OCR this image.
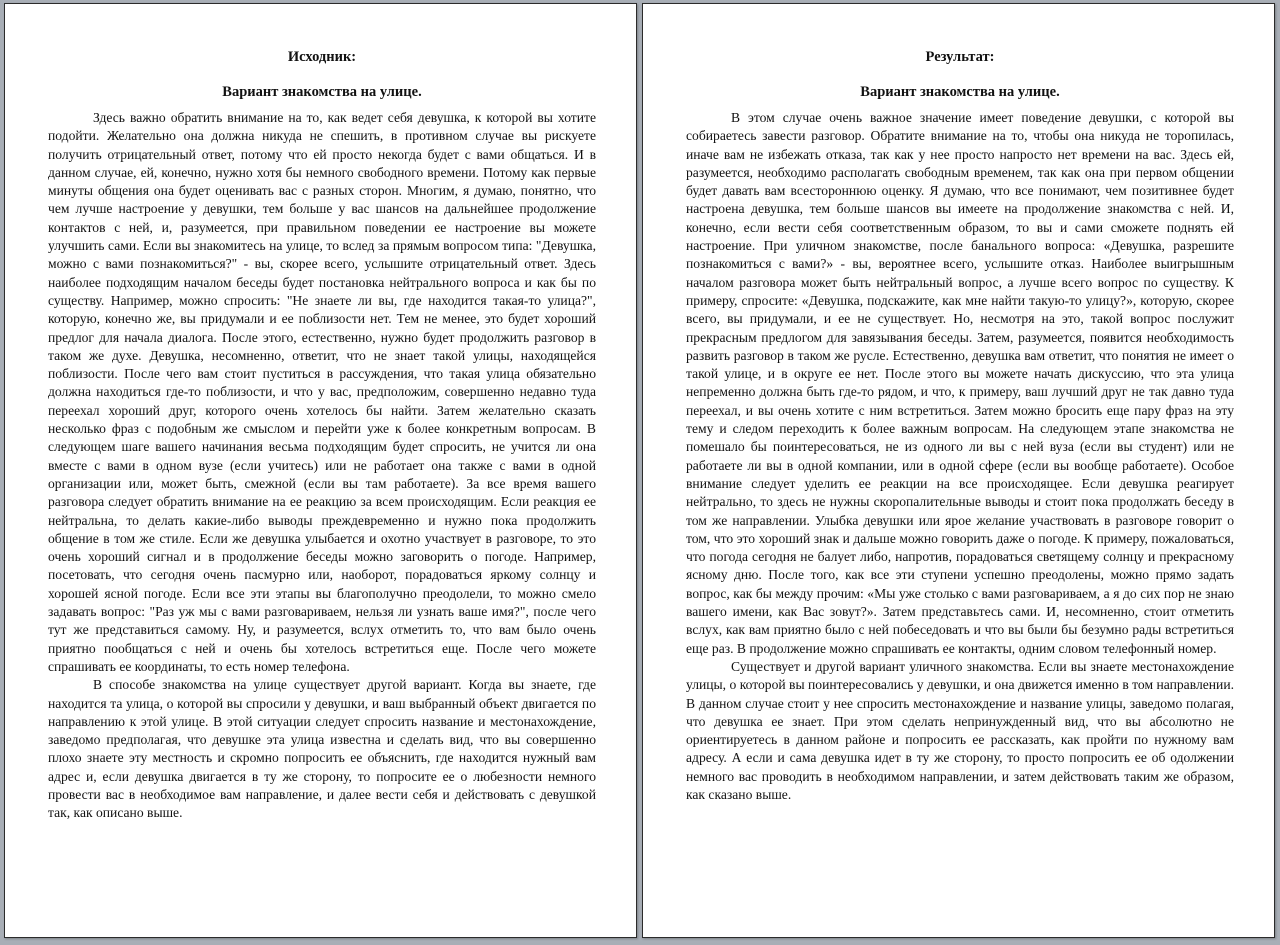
Исходник:

Вариант знакомства на улице.

Здесь важно обратить внимание на то, как ведет себя девушка, к которой вы хотите подойти. Желательно она должна никуда не спешить, в противном случае вы рискуете получить отрицательный ответ, потому что ей просто некогда будет с вами общаться. И в данном случае, ей, конечно, нужно хотя бы немного свободного времени. Потому как первые минуты общения она будет оценивать вас с разных сторон. Многим, я думаю, понятно, что чем лучше настроение у девушки, тем больше у вас шансов на дальнейшее продолжение контактов с ней, и, разумеется, при правильном поведении ее настроение вы можете улучшить сами. Если вы знакомитесь на улице, то вслед за прямым вопросом типа: "Девушка, можно с вами познакомиться?" - вы, скорее всего, услышите отрицательный ответ. Здесь наиболее подходящим началом беседы будет постановка нейтрального вопроса и как бы по существу. Например, можно спросить: "Не знаете ли вы, где находится такая-то улица?", которую, конечно же, вы придумали и ее поблизости нет. Тем не менее, это будет хороший предлог для начала диалога. После этого, естественно, нужно будет продолжить разговор в таком же духе. Девушка, несомненно, ответит, что не знает такой улицы, находящейся поблизости. После чего вам стоит пуститься в рассуждения, что такая улица обязательно должна находиться где-то поблизости, и что у вас, предположим, совершенно недавно туда переехал хороший друг, которого очень хотелось бы найти. Затем желательно сказать несколько фраз с подобным же смыслом и перейти уже к более конкретным вопросам. В следующем шаге вашего начинания весьма подходящим будет спросить, не учится ли она вместе с вами в одном вузе (если учитесь) или не работает она также с вами в одной организации или, может быть, смежной (если вы там работаете). За все время вашего разговора следует обратить внимание на ее реакцию за всем происходящим. Если реакция ее нейтральна, то делать какие-либо выводы преждевременно и нужно пока продолжить общение в том же стиле. Если же девушка улыбается и охотно участвует в разговоре, то это очень хороший сигнал и в продолжение беседы можно заговорить о погоде. Например, посетовать, что сегодня очень пасмурно или, наоборот, порадоваться яркому солнцу и хорошей ясной погоде. Если все эти этапы вы благополучно преодолели, то можно смело задавать вопрос: "Раз уж мы с вами разговариваем, нельзя ли узнать ваше имя?", после чего тут же представиться самому. Ну, и разумеется, вслух отметить то, что вам было очень приятно пообщаться с ней и очень бы хотелось встретиться еще. После чего можете спрашивать ее координаты, то есть номер телефона.

В способе знакомства на улице существует другой вариант. Когда вы знаете, где находится та улица, о которой вы спросили у девушки, и ваш выбранный объект двигается по направлению к этой улице. В этой ситуации следует спросить название и местонахождение, заведомо предполагая, что девушке эта улица известна и сделать вид, что вы совершенно плохо знаете эту местность и скромно попросить ее объяснить, где находится нужный вам адрес и, если девушка двигается в ту же сторону, то попросите ее о любезности немного провести вас в необходимое вам направление, и далее вести себя и действовать с девушкой так, как описано выше.

Результат:

Вариант знакомства на улице.

В этом случае очень важное значение имеет поведение девушки, с которой вы собираетесь завести разговор. Обратите внимание на то, чтобы она никуда не торопилась, иначе вам не избежать отказа, так как у нее просто напросто нет времени на вас. Здесь ей, разумеется, необходимо располагать свободным временем, так как она при первом общении будет давать вам всестороннюю оценку. Я думаю, что все понимают, чем позитивнее будет настроена девушка, тем больше шансов вы имеете на продолжение знакомства с ней. И, конечно, если вести себя соответственным образом, то вы и сами сможете поднять ей настроение. При уличном знакомстве, после банального вопроса: «Девушка, разрешите познакомиться с вами?» - вы, вероятнее всего, услышите отказ. Наиболее выигрышным началом разговора может быть нейтральный вопрос, а лучше всего вопрос по существу. К примеру, спросите: «Девушка, подскажите, как мне найти такую-то улицу?», которую, скорее всего, вы придумали, и ее не существует. Но, несмотря на это, такой вопрос послужит прекрасным предлогом для завязывания беседы. Затем, разумеется, появится необходимость развить разговор в таком же русле. Естественно, девушка вам ответит, что понятия не имеет о такой улице, и в округе ее нет. После этого вы можете начать дискуссию, что эта улица непременно должна быть где-то рядом, и что, к примеру, ваш лучший друг не так давно туда переехал, и вы очень хотите с ним встретиться. Затем можно бросить еще пару фраз на эту тему и следом переходить к более важным вопросам. На следующем этапе знакомства не помешало бы поинтересоваться, не из одного ли вы с ней вуза (если вы студент) или не работаете ли вы в одной компании, или в одной сфере (если вы вообще работаете). Особое внимание следует уделить ее реакции на все происходящее. Если девушка реагирует нейтрально, то здесь не нужны скоропалительные выводы и стоит пока продолжать беседу в том же направлении. Улыбка девушки или ярое желание участвовать в разговоре говорит о том, что это хороший знак и дальше можно говорить даже о погоде. К примеру, пожаловаться, что погода сегодня не балует либо, напротив, порадоваться светящему солнцу и прекрасному ясному дню. После того, как все эти ступени успешно преодолены, можно прямо задать вопрос, как бы между прочим: «Мы уже столько с вами разговариваем, а я до сих пор не знаю вашего имени, как Вас зовут?». Затем представьтесь сами. И, несомненно, стоит отметить вслух, как вам приятно было с ней побеседовать и что вы были бы безумно рады встретиться еще раз. В продолжение можно спрашивать ее контакты, одним словом телефонный номер.

Существует и другой вариант уличного знакомства. Если вы знаете местонахождение улицы, о которой вы поинтересовались у девушки, и она движется именно в том направлении. В данном случае стоит у нее спросить местонахождение и название улицы, заведомо полагая, что девушка ее знает. При этом сделать непринужденный вид, что вы абсолютно не ориентируетесь в данном районе и попросить ее рассказать, как пройти по нужному вам адресу. А если и сама девушка идет в ту же сторону, то просто попросить ее об одолжении немного вас проводить в необходимом направлении, и затем действовать таким же образом, как сказано выше.
